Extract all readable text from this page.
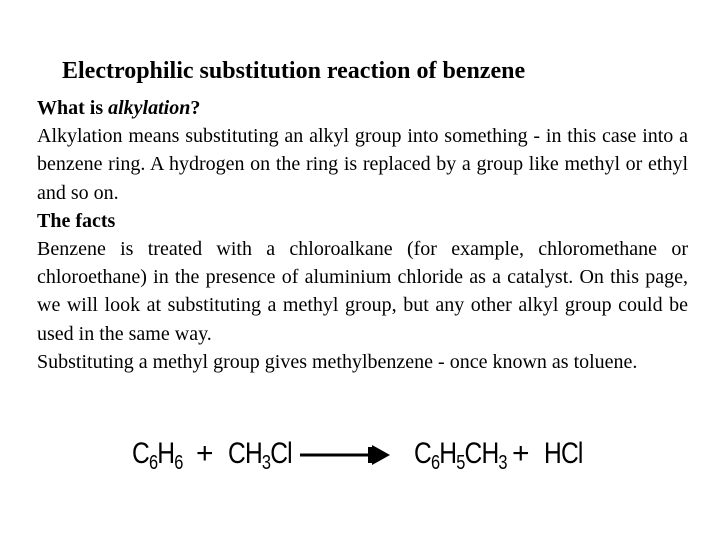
Electrophilic substitution reaction of benzene

What is alkylation?

Alkylation means substituting an alkyl group into something - in this case into a benzene ring. A hydrogen on the ring is replaced by a group like methyl or ethyl and so on.

The facts

Benzene is treated with a chloroalkane (for example, chloromethane or chloroethane) in the presence of aluminium chloride as a catalyst. On this page, we will look at substituting a methyl group, but any other alkyl group could be used in the same way.

Substituting a methyl group gives methylbenzene - once known as toluene.

$C_6H_6 + CH_3Cl$	$C_6H_5CH_3$ + HCl
